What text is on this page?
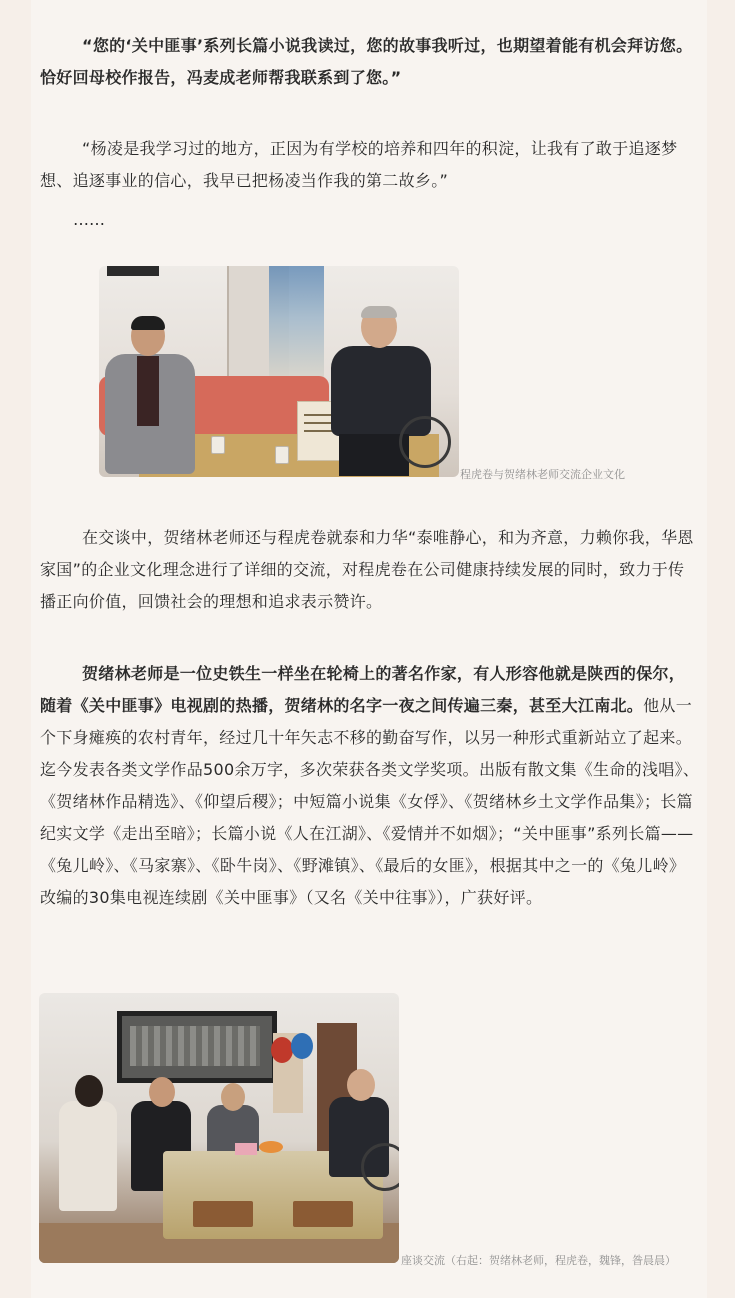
“您的‘关中匪事’系列长篇小说我读过，您的故事我听过，也期望着能有机会拜访您。恰好回母校作报告，冯麦成老师帮我联系到了您。”

“杨凌是我学习过的地方，正因为有学校的培养和四年的积淀，让我有了敢于追逐梦想、追逐事业的信心，我早已把杨凌当作我的第二故乡。”

……
程虎卷与贺绪林老师交流企业文化

在交谈中，贺绪林老师还与程虎卷就泰和力华“泰唯静心，和为齐意，力赖你我，华恩家国”的企业文化理念进行了详细的交流，对程虎卷在公司健康持续发展的同时，致力于传播正向价值，回馈社会的理想和追求表示赞许。

贺绪林老师是一位史铁生一样坐在轮椅上的著名作家，有人形容他就是陕西的保尔，随着《关中匪事》电视剧的热播，贺绪林的名字一夜之间传遍三秦，甚至大江南北。他从一个下身瘫痪的农村青年，经过几十年矢志不移的勤奋写作，以另一种形式重新站立了起来。迄今发表各类文学作品500余万字，多次荣获各类文学奖项。出版有散文集《生命的浅唱》、《贺绪林作品精选》、《仰望后稷》；中短篇小说集《女俘》、《贺绪林乡土文学作品集》；长篇纪实文学《走出至暗》；长篇小说《人在江湖》、《爱情并不如烟》；“关中匪事”系列长篇——《兔儿岭》、《马家寨》、《卧牛岗》、《野滩镇》、《最后的女匪》，根据其中之一的《兔儿岭》改编的30集电视连续剧《关中匪事》（又名《关中往事》），广获好评。

座谈交流（右起：贺绪林老师，程虎卷，魏锋，昝晨晨）
